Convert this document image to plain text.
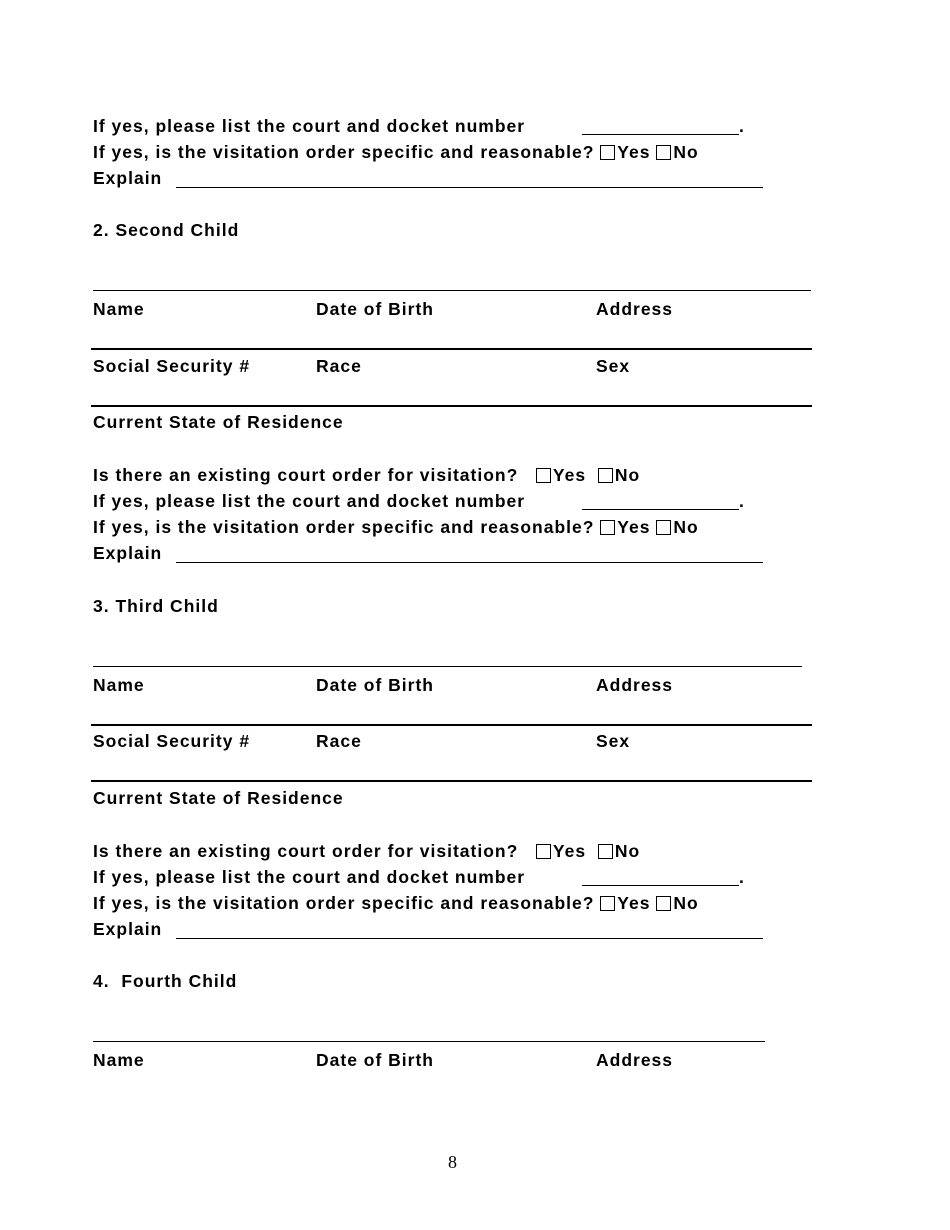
If yes, please list the court and docket number	.
If yes, is the visitation order specific and reasonable? Yes No
Explain
2. Second Child
Name	Date of Birth	Address
Social Security #	Race	Sex
Current State of Residence
Is there an existing court order for visitation? Yes No
If yes, please list the court and docket number	.
If yes, is the visitation order specific and reasonable? Yes No
Explain
3. Third Child
Name	Date of Birth	Address
Social Security #	Race	Sex
Current State of Residence
Is there an existing court order for visitation? Yes No
If yes, please list the court and docket number	.
If yes, is the visitation order specific and reasonable? Yes No
Explain
4.  Fourth Child
Name	Date of Birth	Address
8
